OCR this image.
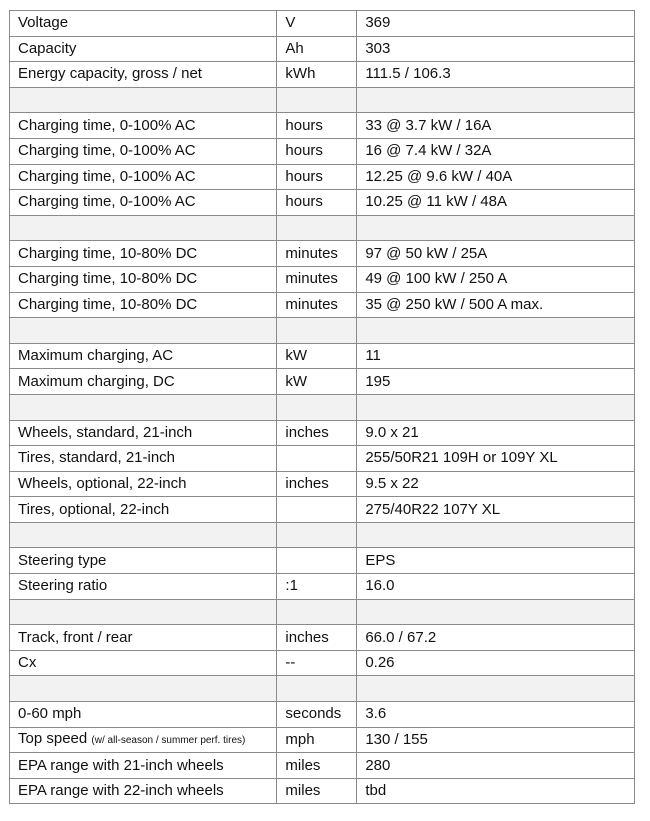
Voltage	V	369
Capacity	Ah	303
Energy capacity, gross / net	kWh	111.5 / 106.3

Charging time, 0-100% AC	hours	33 @ 3.7 kW / 16A
Charging time, 0-100% AC	hours	16 @ 7.4 kW / 32A
Charging time, 0-100% AC	hours	12.25 @ 9.6 kW / 40A
Charging time, 0-100% AC	hours	10.25 @ 11 kW / 48A

Charging time, 10-80% DC	minutes	97 @ 50 kW / 25A
Charging time, 10-80% DC	minutes	49 @ 100 kW / 250 A
Charging time, 10-80% DC	minutes	35 @ 250 kW / 500 A max.

Maximum charging, AC	kW	11
Maximum charging, DC	kW	195

Wheels, standard, 21-inch	inches	9.0 x 21
Tires, standard, 21-inch		255/50R21 109H or 109Y XL
Wheels, optional, 22-inch	inches	9.5 x 22
Tires, optional, 22-inch		275/40R22 107Y XL

Steering type		EPS
Steering ratio	:1	16.0

Track, front / rear	inches	66.0 / 67.2
Cx	--	0.26

0-60 mph	seconds	3.6
Top speed (w/ all-season / summer perf. tires)	mph	130 / 155
EPA range with 21-inch wheels	miles	280
EPA range with 22-inch wheels	miles	tbd
